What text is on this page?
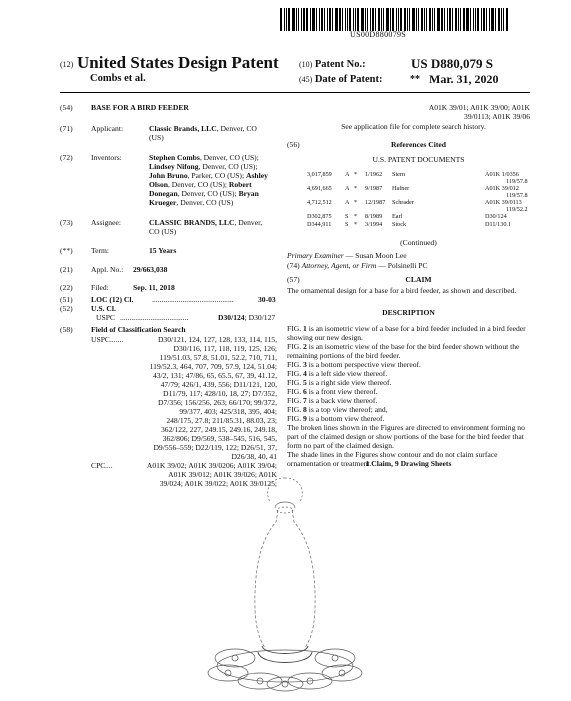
US00D880079S
(12) United States Design Patent
Combs et al.
(10) Patent No.:	US D880,079 S
(45) Date of Patent:	** Mar. 31, 2020
(54)	BASE FOR A BIRD FEEDER
(71)	Applicant:	Classic Brands, LLC, Denver, CO
(US)
(72)	Inventors:	Stephen Combs, Denver, CO (US);
Lindsey Nifong, Denver, CO (US);
John Bruno, Parker, CO (US); Ashley
Olson, Denver, CO (US); Robert
Donegan, Denver, CO (US); Bryan
Krueger, Denver, CO (US)
(73)	Assignee:	CLASSIC BRANDS, LLC, Denver,
CO (US)
(**)	Term:	15 Years
(21)	Appl. No.: 29/663,038
(22)	Filed:	Sep. 11, 2018
(51)	LOC (12) Cl. ...........................................	30-03
(52)	U.S. Cl.
USPC ....................................	D30/124; D30/127
(58)	Field of Classification Search
USPC .......	D30/121, 124, 127, 128, 133, 114, 115,
D30/116, 117, 118, 119, 125, 126;
119/51.03, 57.8, 51.01, 52.2, 710, 711,
119/52.3, 464, 707, 709, 57.9, 124, 51.04;
43/2, 131; 47/86, 65, 65.5, 67, 39, 41.12,
47/79; 426/1, 439, 556; D11/121, 120,
D11/79, 117; 428/10, 18, 27; D7/352,
D7/356; 156/256, 263; 66/170; 99/372,
99/377, 403; 425/318, 395, 404;
248/175, 27.8; 211/85.31, 88.03, 23;
362/122, 227, 249.15, 249.16, 249.18,
362/806; D9/569, 538–545, 516, 545,
D9/556–559; D22/119, 122; D26/51, 37,
D26/38, 40, 41
CPC ....	A01K 39/02; A01K 39/0206; A01K 39/04;
A01K 39/012; A01K 39/026; A01K
39/024; A01K 39/022; A01K 39/0125;
A01K 39/01; A01K 39/00; A01K
39/0113; A01K 39/06
See application file for complete search history.
(56)	References Cited
U.S. PATENT DOCUMENTS
3,017,859 A * 1/1962 Stern	A01K 1/0356
119/57.8
4,691,665 A * 9/1987 Hafner	A01K 39/012
119/57.8
4,712,512 A * 12/1987 Schrader	A01K 39/0113
119/52.2
D302,875 S * 8/1989 Earl	D30/124
D344,911 S * 3/1994 Stock	D11/130.1
(Continued)
Primary Examiner — Susan Moon Lee
(74) Attorney, Agent, or Firm — Polsinelli PC
(57)	CLAIM
The ornamental design for a base for a bird feeder, as shown and described.
DESCRIPTION
FIG. 1 is an isometric view of a base for a bird feeder included in a bird feeder showing our new design.
FIG. 2 is an isometric view of the base for the bird feeder shown without the remaining portions of the bird feeder.
FIG. 3 is a bottom perspective view thereof.
FIG. 4 is a left side view thereof.
FIG. 5 is a right side view thereof.
FIG. 6 is a front view thereof.
FIG. 7 is a back view thereof.
FIG. 8 is a top view thereof; and,
FIG. 9 is a bottom view thereof.
The broken lines shown in the Figures are directed to environment forming no part of the claimed design or show portions of the base for the bird feeder that form no part of the claimed design.
The shade lines in the Figures show contour and do not claim surface ornamentation or treatment.
1 Claim, 9 Drawing Sheets
